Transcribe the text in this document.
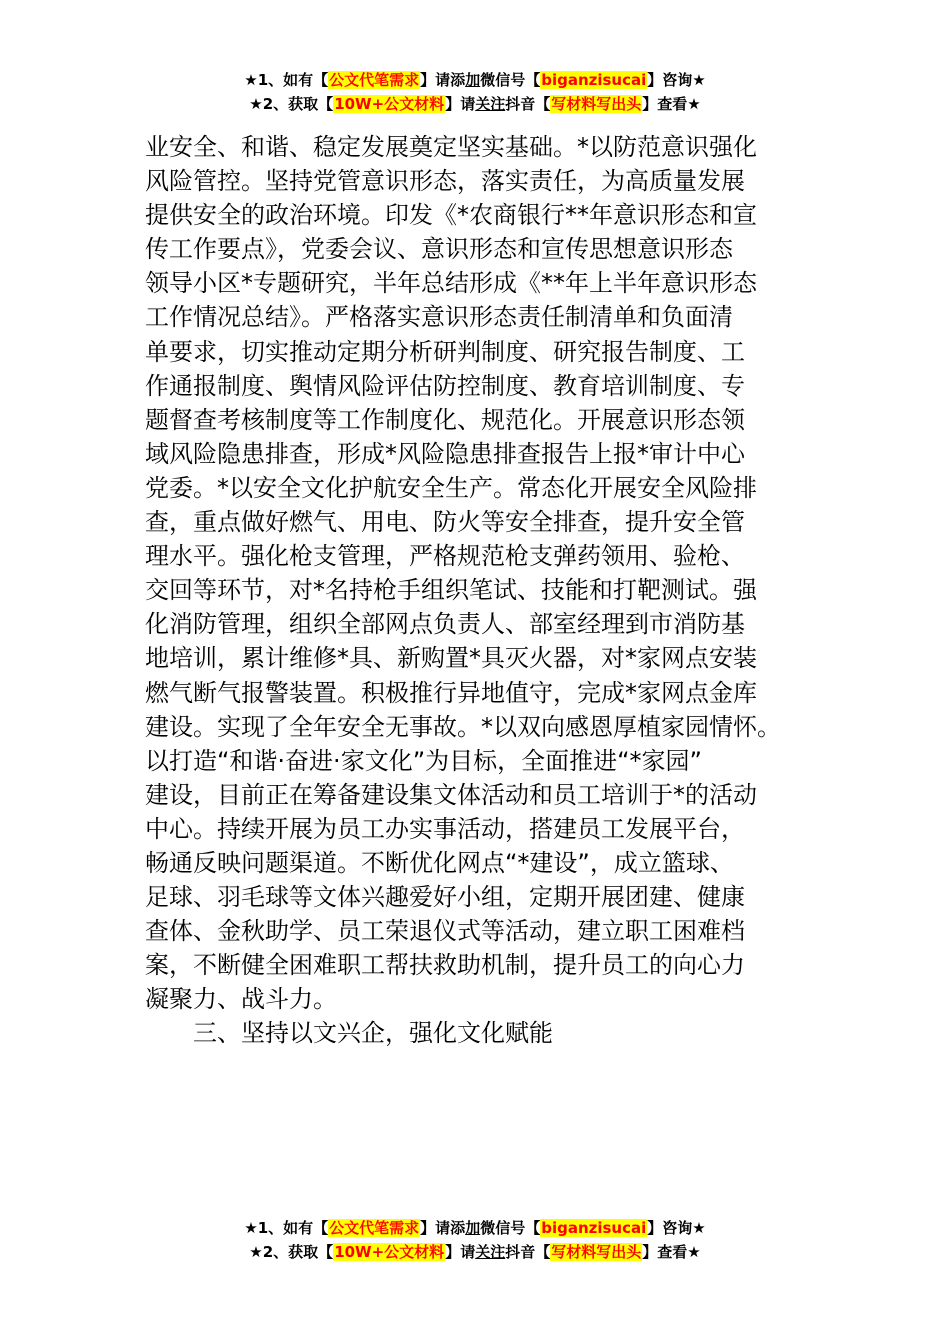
★1、如有【公文代笔需求】请添加微信号【biganzisucai】咨询★
★2、获取【10W+公文材料】请关注抖音【写材料写出头】查看★

业安全、和谐、稳定发展奠定坚实基础。*以防范意识强化

风险管控。坚持党管意识形态，落实责任，为高质量发展

提供安全的政治环境。印发《*农商银行**年意识形态和宣

传工作要点》，党委会议、意识形态和宣传思想意识形态

领导小区*专题研究，半年总结形成《**年上半年意识形态

工作情况总结》。严格落实意识形态责任制清单和负面清

单要求，切实推动定期分析研判制度、研究报告制度、工

作通报制度、舆情风险评估防控制度、教育培训制度、专

题督查考核制度等工作制度化、规范化。开展意识形态领

域风险隐患排查，形成*风险隐患排查报告上报*审计中心

党委。*以安全文化护航安全生产。常态化开展安全风险排

查，重点做好燃气、用电、防火等安全排查，提升安全管

理水平。强化枪支管理，严格规范枪支弹药领用、验枪、

交回等环节，对*名持枪手组织笔试、技能和打靶测试。强

化消防管理，组织全部网点负责人、部室经理到市消防基

地培训，累计维修*具、新购置*具灭火器，对*家网点安装

燃气断气报警装置。积极推行异地值守，完成*家网点金库

建设。实现了全年安全无事故。*以双向感恩厚植家园情怀。

以打造“和谐·奋进·家文化”为目标，全面推进“*家园”

建设，目前正在筹备建设集文体活动和员工培训于*的活动

中心。持续开展为员工办实事活动，搭建员工发展平台，

畅通反映问题渠道。不断优化网点“*建设”，成立篮球、

足球、羽毛球等文体兴趣爱好小组，定期开展团建、健康

查体、金秋助学、员工荣退仪式等活动，建立职工困难档

案，不断健全困难职工帮扶救助机制，提升员工的向心力

凝聚力、战斗力。

三、坚持以文兴企，强化文化赋能

★1、如有【公文代笔需求】请添加微信号【biganzisucai】咨询★
★2、获取【10W+公文材料】请关注抖音【写材料写出头】查看★
